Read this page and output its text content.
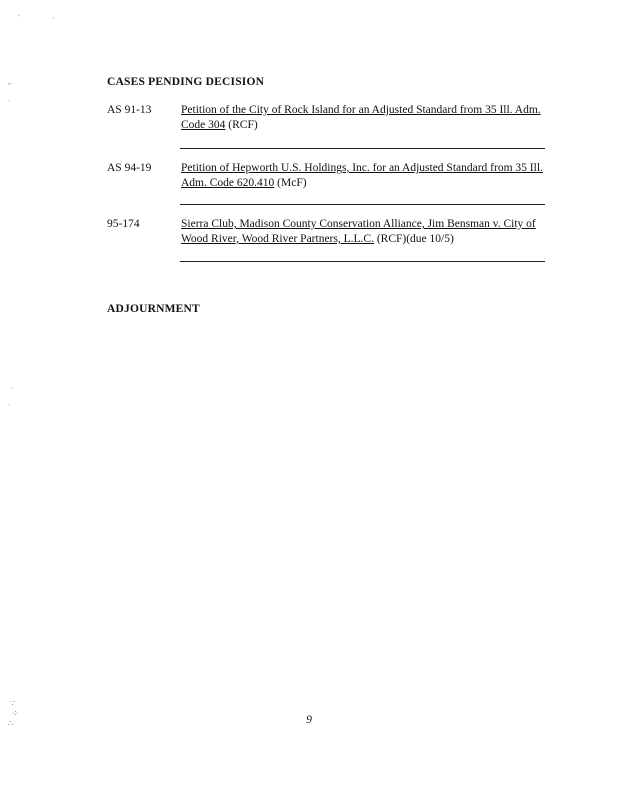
′	·
⌐
`
·
`
∵
⁘
∴
CASES PENDING DECISION
AS 91-13	Petition of the City of Rock Island for an Adjusted Standard from 35 Ill. Adm. Code 304 (RCF)
AS 94-19	Petition of Hepworth U.S. Holdings, Inc. for an Adjusted Standard from 35 Ill. Adm. Code 620.410 (McF)
95-174	Sierra Club, Madison County Conservation Alliance, Jim Bensman v. City of Wood River, Wood River Partners, L.L.C. (RCF)(due 10/5)
ADJOURNMENT
9
